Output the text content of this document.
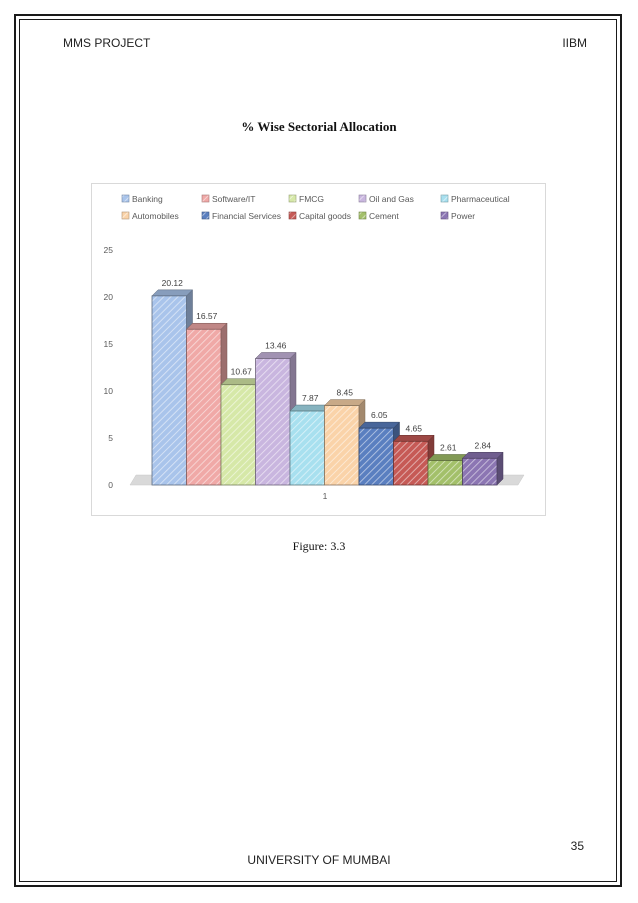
MMS PROJECT	IIBM
% Wise Sectorial Allocation
Banking	Software/IT	FMCG	Oil and Gas	Pharmaceutical
Automobiles	Financial Services Capital goods Cement	Power
0
5
10
15
20
25
20.12
16.57
10.67
13.46
7.87
8.45
6.05
4.65
2.61 2.84
1
Figure: 3.3
35
UNIVERSITY OF MUMBAI
